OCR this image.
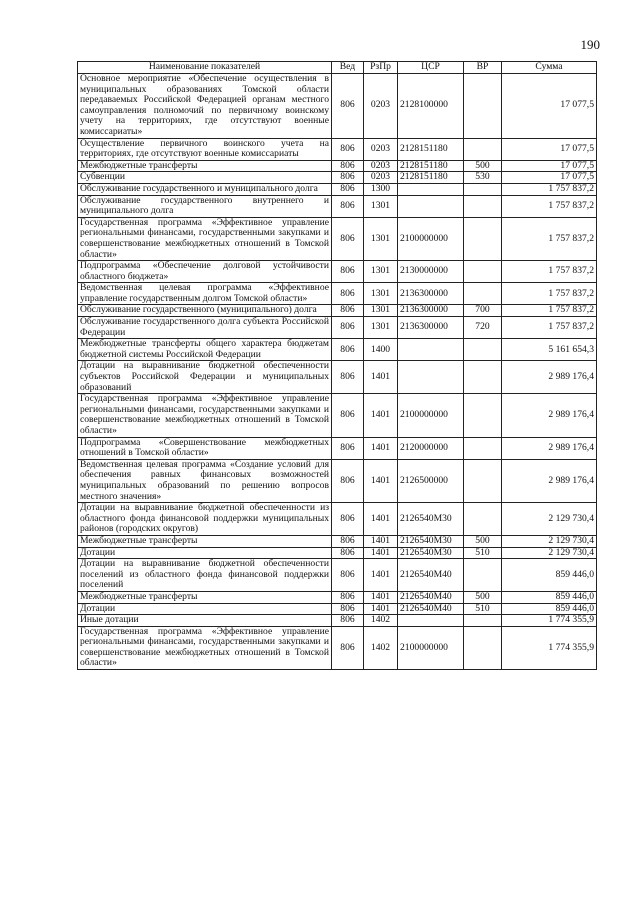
190
Наименование показателей	Вед	РзПр	ЦСР	ВР	Сумма
Основное мероприятие «Обеспечение осуществления в муниципальных образованиях Томской области передаваемых Российской Федерацией органам местного самоуправления полномочий по первичному воинскому учету на территориях, где отсутствуют военные комиссариаты»	806	0203	2128100000		17 077,5
Осуществление первичного воинского учета на территориях, где отсутствуют военные комиссариаты	806	0203	2128151180		17 077,5
Межбюджетные трансферты	806	0203	2128151180	500	17 077,5
Субвенции	806	0203	2128151180	530	17 077,5
Обслуживание государственного и муниципального долга	806	1300			1 757 837,2
Обслуживание государственного внутреннего и муниципального долга	806	1301			1 757 837,2
Государственная программа «Эффективное управление региональными финансами, государственными закупками и совершенствование межбюджетных отношений в Томской области»	806	1301	2100000000		1 757 837,2
Подпрограмма «Обеспечение долговой устойчивости областного бюджета»	806	1301	2130000000		1 757 837,2
Ведомственная целевая программа «Эффективное управление государственным долгом Томской области»	806	1301	2136300000		1 757 837,2
Обслуживание государственного (муниципального) долга	806	1301	2136300000	700	1 757 837,2
Обслуживание государственного долга субъекта Российской Федерации	806	1301	2136300000	720	1 757 837,2
Межбюджетные трансферты общего характера бюджетам бюджетной системы Российской Федерации	806	1400			5 161 654,3
Дотации на выравнивание бюджетной обеспеченности субъектов Российской Федерации и муниципальных образований	806	1401			2 989 176,4
Государственная программа «Эффективное управление региональными финансами, государственными закупками и совершенствование межбюджетных отношений в Томской области»	806	1401	2100000000		2 989 176,4
Подпрограмма «Совершенствование межбюджетных отношений в Томской области»	806	1401	2120000000		2 989 176,4
Ведомственная целевая программа «Создание условий для обеспечения равных финансовых возможностей муниципальных образований по решению вопросов местного значения»	806	1401	2126500000		2 989 176,4
Дотации на выравнивание бюджетной обеспеченности из областного фонда финансовой поддержки муниципальных районов (городских округов)	806	1401	2126540М30		2 129 730,4
Межбюджетные трансферты	806	1401	2126540М30	500	2 129 730,4
Дотации	806	1401	2126540М30	510	2 129 730,4
Дотации на выравнивание бюджетной обеспеченности поселений из областного фонда финансовой поддержки поселений	806	1401	2126540М40		859 446,0
Межбюджетные трансферты	806	1401	2126540М40	500	859 446,0
Дотации	806	1401	2126540М40	510	859 446,0
Иные дотации	806	1402			1 774 355,9
Государственная программа «Эффективное управление региональными финансами, государственными закупками и совершенствование межбюджетных отношений в Томской области»	806	1402	2100000000		1 774 355,9
